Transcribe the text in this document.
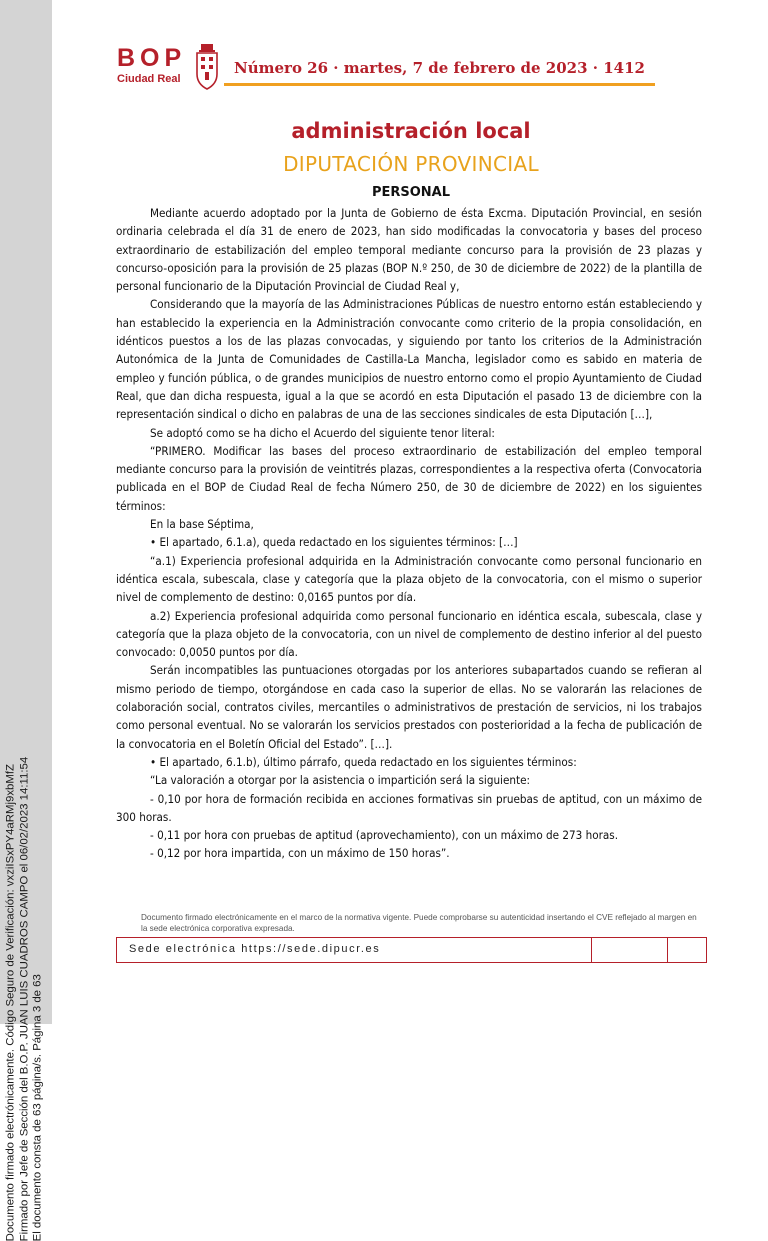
Documento firmado electrónicamente. Código Seguro de Verificación: vxziISxPY4aRMj9xbMfZ Firmado por Jefe de Sección del B.O.P. JUAN LUIS CUADROS CAMPO el 06/02/2023 14:11:54 El documento consta de 63 página/s. Página 3 de 63
BOP
Ciudad Real
Número 26 · martes, 7 de febrero de 2023 · 1412
administración local
DIPUTACIÓN PROVINCIAL
PERSONAL

Mediante acuerdo adoptado por la Junta de Gobierno de ésta Excma. Diputación Provincial, en sesión ordinaria celebrada el día 31 de enero de 2023, han sido modificadas la convocatoria y bases del proceso extraordinario de estabilización del empleo temporal mediante concurso para la provisión de 23 plazas y concurso-oposición para la provisión de 25 plazas (BOP N.º 250, de 30 de diciembre de 2022) de la plantilla de personal funcionario de la Diputación Provincial de Ciudad Real y,

Considerando que la mayoría de las Administraciones Públicas de nuestro entorno están estableciendo y han establecido la experiencia en la Administración convocante como criterio de la propia consolidación, en idénticos puestos a los de las plazas convocadas, y siguiendo por tanto los criterios de la Administración Autonómica de la Junta de Comunidades de Castilla-La Mancha, legislador como es sabido en materia de empleo y función pública, o de grandes municipios de nuestro entorno como el propio Ayuntamiento de Ciudad Real, que dan dicha respuesta, igual a la que se acordó en esta Diputación el pasado 13 de diciembre con la representación sindical o dicho en palabras de una de las secciones sindicales de esta Diputación […],

Se adoptó como se ha dicho el Acuerdo del siguiente tenor literal:

“PRIMERO. Modificar las bases del proceso extraordinario de estabilización del empleo temporal mediante concurso para la provisión de veintitrés plazas, correspondientes a la respectiva oferta (Convocatoria publicada en el BOP de Ciudad Real de fecha Número 250, de 30 de diciembre de 2022) en los siguientes términos:

En la base Séptima,

• El apartado, 6.1.a), queda redactado en los siguientes términos: […]

“a.1) Experiencia profesional adquirida en la Administración convocante como personal funcionario en idéntica escala, subescala, clase y categoría que la plaza objeto de la convocatoria, con el mismo o superior nivel de complemento de destino: 0,0165 puntos por día.

a.2) Experiencia profesional adquirida como personal funcionario en idéntica escala, subescala, clase y categoría que la plaza objeto de la convocatoria, con un nivel de complemento de destino inferior al del puesto convocado: 0,0050 puntos por día.

Serán incompatibles las puntuaciones otorgadas por los anteriores subapartados cuando se refieran al mismo periodo de tiempo, otorgándose en cada caso la superior de ellas. No se valorarán las relaciones de colaboración social, contratos civiles, mercantiles o administrativos de prestación de servicios, ni los trabajos como personal eventual. No se valorarán los servicios prestados con posterioridad a la fecha de publicación de la convocatoria en el Boletín Oficial del Estado”. […].

• El apartado, 6.1.b), último párrafo, queda redactado en los siguientes términos:

“La valoración a otorgar por la asistencia o impartición será la siguiente:

- 0,10 por hora de formación recibida en acciones formativas sin pruebas de aptitud, con un máximo de 300 horas.

- 0,11 por hora con pruebas de aptitud (aprovechamiento), con un máximo de 273 horas.

- 0,12 por hora impartida, con un máximo de 150 horas”.

Documento firmado electrónicamente en el marco de la normativa vigente. Puede comprobarse su autenticidad insertando el CVE reflejado al margen en la sede electrónica corporativa expresada.
Sede electrónica https://sede.dipucr.es
